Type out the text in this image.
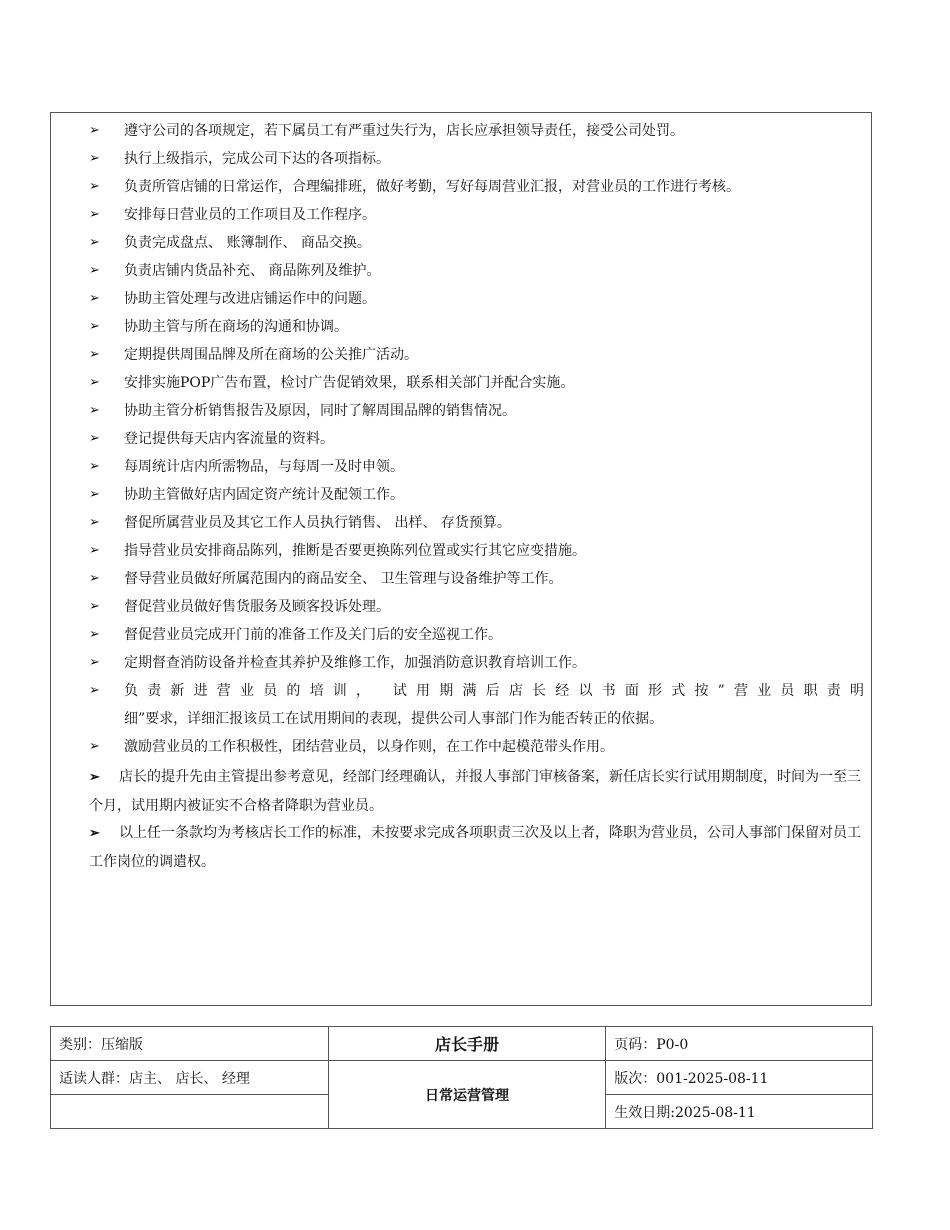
➢	遵守公司的各项规定，若下属员工有严重过失行为，店长应承担领导责任，接受公司处罚。
➢	执行上级指示，完成公司下达的各项指标。
➢	负责所管店铺的日常运作，合理编排班，做好考勤，写好每周营业汇报，对营业员的工作进行考核。
➢	安排每日营业员的工作项目及工作程序。
➢	负责完成盘点、 账簿制作、 商品交换。
➢	负责店铺内货品补充、 商品陈列及维护。
➢	协助主管处理与改进店铺运作中的问题。
➢	协助主管与所在商场的沟通和协调。
➢	定期提供周围品牌及所在商场的公关推广活动。
➢	安排实施POP广告布置，检讨广告促销效果，联系相关部门并配合实施。
➢	协助主管分析销售报告及原因，同时了解周围品牌的销售情况。
➢	登记提供每天店内客流量的资料。
➢	每周统计店内所需物品，与每周一及时申领。
➢	协助主管做好店内固定资产统计及配领工作。
➢	督促所属营业员及其它工作人员执行销售、 出样、 存货预算。
➢	指导营业员安排商品陈列，推断是否要更换陈列位置或实行其它应变措施。
➢	督导营业员做好所属范围内的商品安全、 卫生管理与设备维护等工作。
➢	督促营业员做好售货服务及顾客投诉处理。
➢	督促营业员完成开门前的准备工作及关门后的安全巡视工作。
➢	定期督查消防设备并检查其养护及维修工作，加强消防意识教育培训工作。
➢	负责新进营业员的培训， 试用期满后店长经以书面形式按”营业员职责明
细”要求，详细汇报该员工在试用期间的表现，提供公司人事部门作为能否转正的依据。
➢	激励营业员的工作积极性，团结营业员，以身作则，在工作中起模范带头作用。
➢ 店长的提升先由主管提出参考意见，经部门经理确认，并报人事部门审核备案，新任店长实行试用期制度，时间为一至三个月，试用期内被证实不合格者降职为营业员。
➢ 以上任一条款均为考核店长工作的标准，未按要求完成各项职责三次及以上者，降职为营业员，公司人事部门保留对员工工作岗位的调遣权。
类别：压缩版	店长手册	页码：P0-0
适读人群：店主、 店长、 经理	日常运营管理	版次：001-2025-08-11
		生效日期:2025-08-11
